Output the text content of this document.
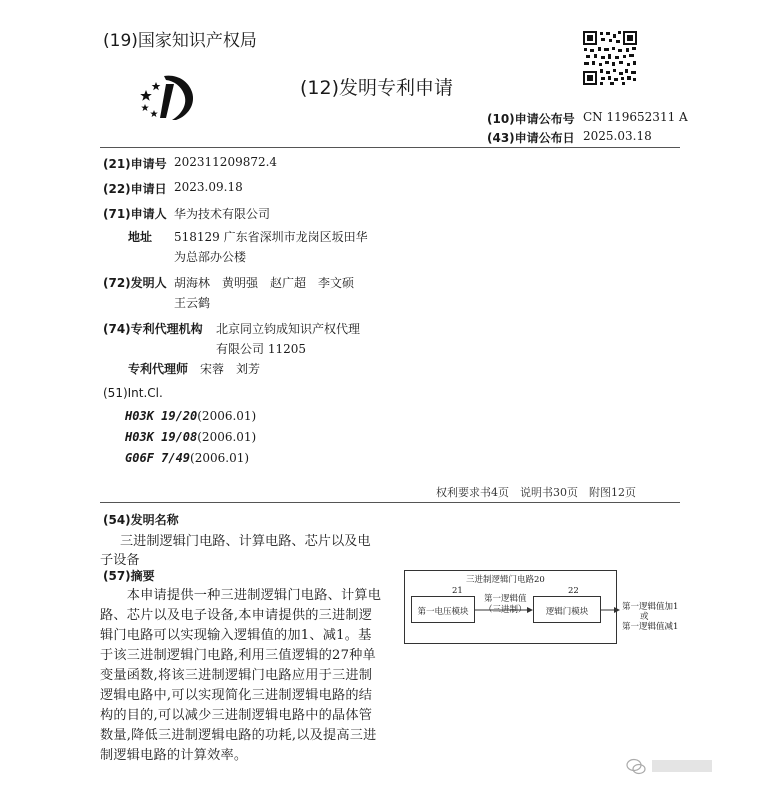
(19)国家知识产权局
(12)发明专利申请
(10)申请公布号 CN 119652311 A
(43)申请公布日 2025.03.18
(21)申请号 202311209872.4
(22)申请日 2023.09.18
(71)申请人 华为技术有限公司
地址 518129 广东省深圳市龙岗区坂田华
为总部办公楼
(72)发明人 胡海林　黄明强　赵广超　李文硕
王云鹤
(74)专利代理机构 北京同立钧成知识产权代理
有限公司 11205
专利代理师 宋蓉　刘芳
(51)Int.Cl.
H03K 19/20(2006.01)
H03K 19/08(2006.01)
G06F 7/49(2006.01)
权利要求书4页　说明书30页　附图12页
(54)发明名称
三进制逻辑门电路、计算电路、芯片以及电
子设备
(57)摘要
　　本申请提供一种三进制逻辑门电路、计算电路、芯片以及电子设备,本申请提供的三进制逻辑门电路可以实现输入逻辑值的加1、减1。基于该三进制逻辑门电路,利用三值逻辑的27种单变量函数,将该三进制逻辑门电路应用于三进制逻辑电路中,可以实现简化三进制逻辑电路的结构的目的,可以减少三进制逻辑电路中的晶体管数量,降低三进制逻辑电路的功耗,以及提高三进制逻辑电路的计算效率。
三进制逻辑门电路20
21
第一电压模块
22
逻辑门模块
第一逻辑值
（三进制）	第一逻辑值加1
或
第一逻辑值减1
